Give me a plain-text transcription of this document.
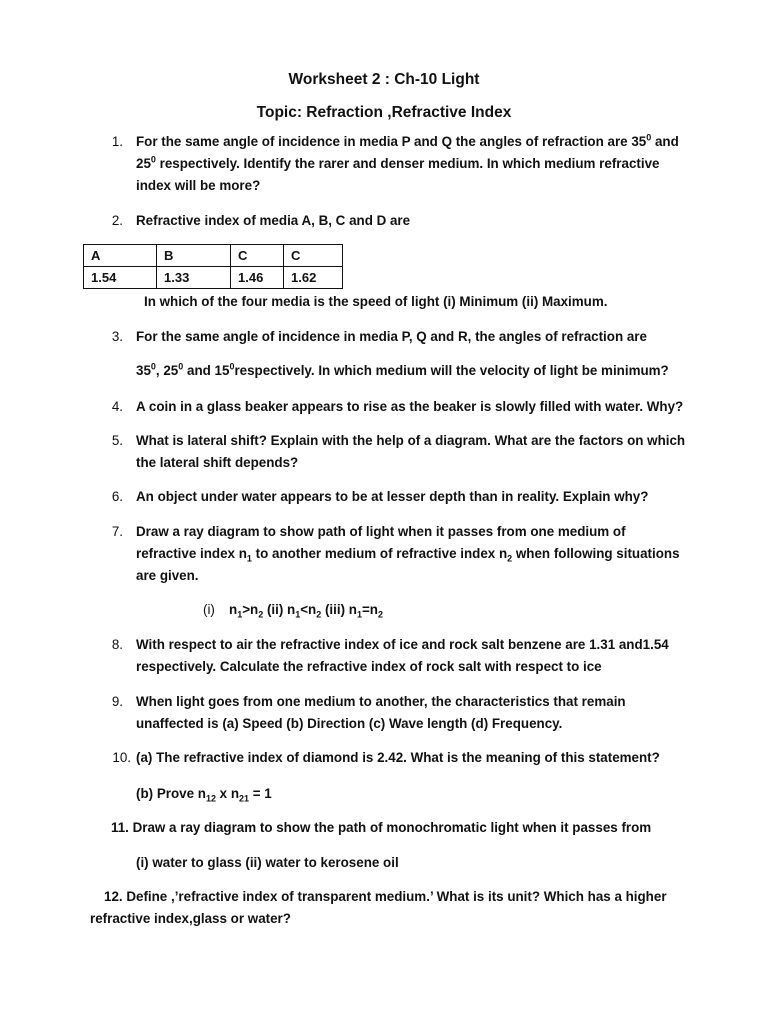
Worksheet 2 : Ch-10 Light
Topic: Refraction ,Refractive Index
1. For the same angle of incidence in media P and Q the angles of refraction are $35^0$ and
$25^0$ respectively. Identify the rarer and denser medium. In which medium refractive
index will be more?
2. Refractive index of media A, B, C and D are
A	B	C	C
1.54	1.33	1.46	1.62
In which of the four media is the speed of light (i) Minimum (ii) Maximum.
3. For the same angle of incidence in media P, Q and R, the angles of refraction are
$35^0$, $25^0$ and $15^0respectively$. In which medium will the velocity of light be minimum?
4. A coin in a glass beaker appears to rise as the beaker is slowly filled with water. Why?
5. What is lateral shift? Explain with the help of a diagram. What are the factors on which
the lateral shift depends?
6. An object under water appears to be at lesser depth than in reality. Explain why?
7. Draw a ray diagram to show path of light when it passes from one medium of
refractive index $n_1$ to another medium of refractive index $n_2$ when following situations
are given.
(i) $n_1>n_2$ (ii) $n_1<n_2$ (iii) $n_1=n_2$
8. With respect to air the refractive index of ice and rock salt benzene are 1.31 and1.54
respectively. Calculate the refractive index of rock salt with respect to ice
9. When light goes from one medium to another, the characteristics that remain
unaffected is (a) Speed (b) Direction (c) Wave length (d) Frequency.
10. (a) The refractive index of diamond is 2.42. What is the meaning of this statement?
(b) Prove $n_{12}$ x $n_{21} = 1$
11. Draw a ray diagram to show the path of monochromatic light when it passes from
(i) water to glass (ii) water to kerosene oil
12. Define ,’refractive index of transparent medium.’ What is its unit? Which has a higher
refractive index,glass or water?
